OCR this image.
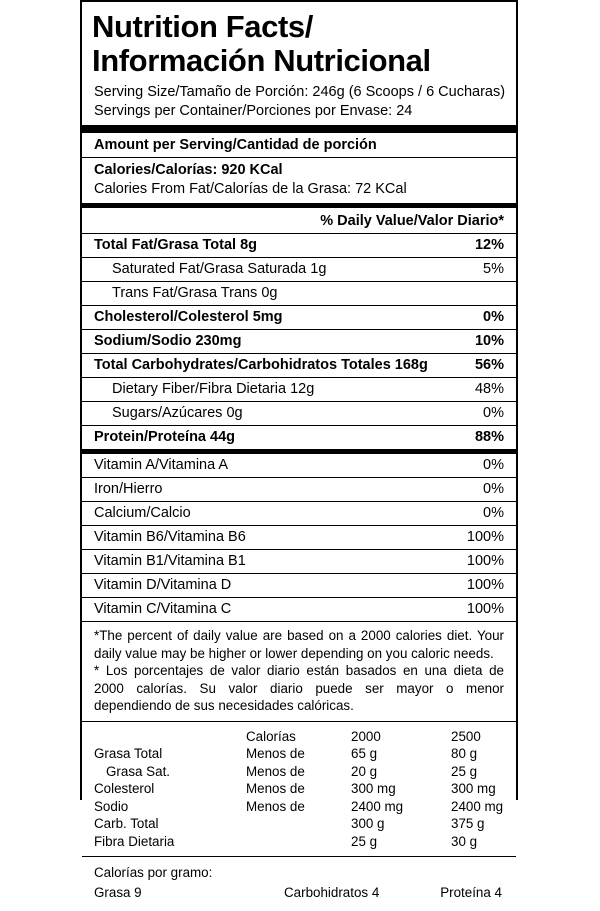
Nutrition Facts/
Información Nutricional
Serving Size/Tamaño de Porción: 246g (6 Scoops / 6 Cucharas)
Servings per Container/Porciones por Envase: 24
Amount per Serving/Cantidad de porción
Calories/Calorías: 920 KCal
Calories From Fat/Calorías de la Grasa: 72 KCal
% Daily Value/Valor Diario*
Total Fat/Grasa Total 8g	12%
Saturated Fat/Grasa Saturada 1g	5%
Trans Fat/Grasa Trans 0g
Cholesterol/Colesterol 5mg	0%
Sodium/Sodio 230mg	10%
Total Carbohydrates/Carbohidratos Totales 168g	56%
Dietary Fiber/Fibra Dietaria 12g	48%
Sugars/Azúcares 0g	0%
Protein/Proteína 44g	88%
Vitamin A/Vitamina A	0%
Iron/Hierro	0%
Calcium/Calcio	0%
Vitamin B6/Vitamina B6	100%
Vitamin B1/Vitamina B1	100%
Vitamin D/Vitamina D	100%
Vitamin C/Vitamina C	100%

*The percent of daily value are based on a 2000 calories diet. Your daily value may be higher or lower depending on you caloric needs.

* Los porcentajes de valor diario están basados en una dieta de 2000 calorías. Su valor diario puede ser mayor o menor dependiendo de sus necesidades calóricas.

	Calorías	2000	2500
Grasa Total	Menos de	65 g	80 g
Grasa Sat.	Menos de	20 g	25 g
Colesterol	Menos de	300 mg	300 mg
Sodio	Menos de	2400 mg	2400 mg
Carb. Total		300 g	375 g
Fibra Dietaria		25 g	30 g
Calorías por gramo:
Grasa 9	Carbohidratos 4	Proteína 4
